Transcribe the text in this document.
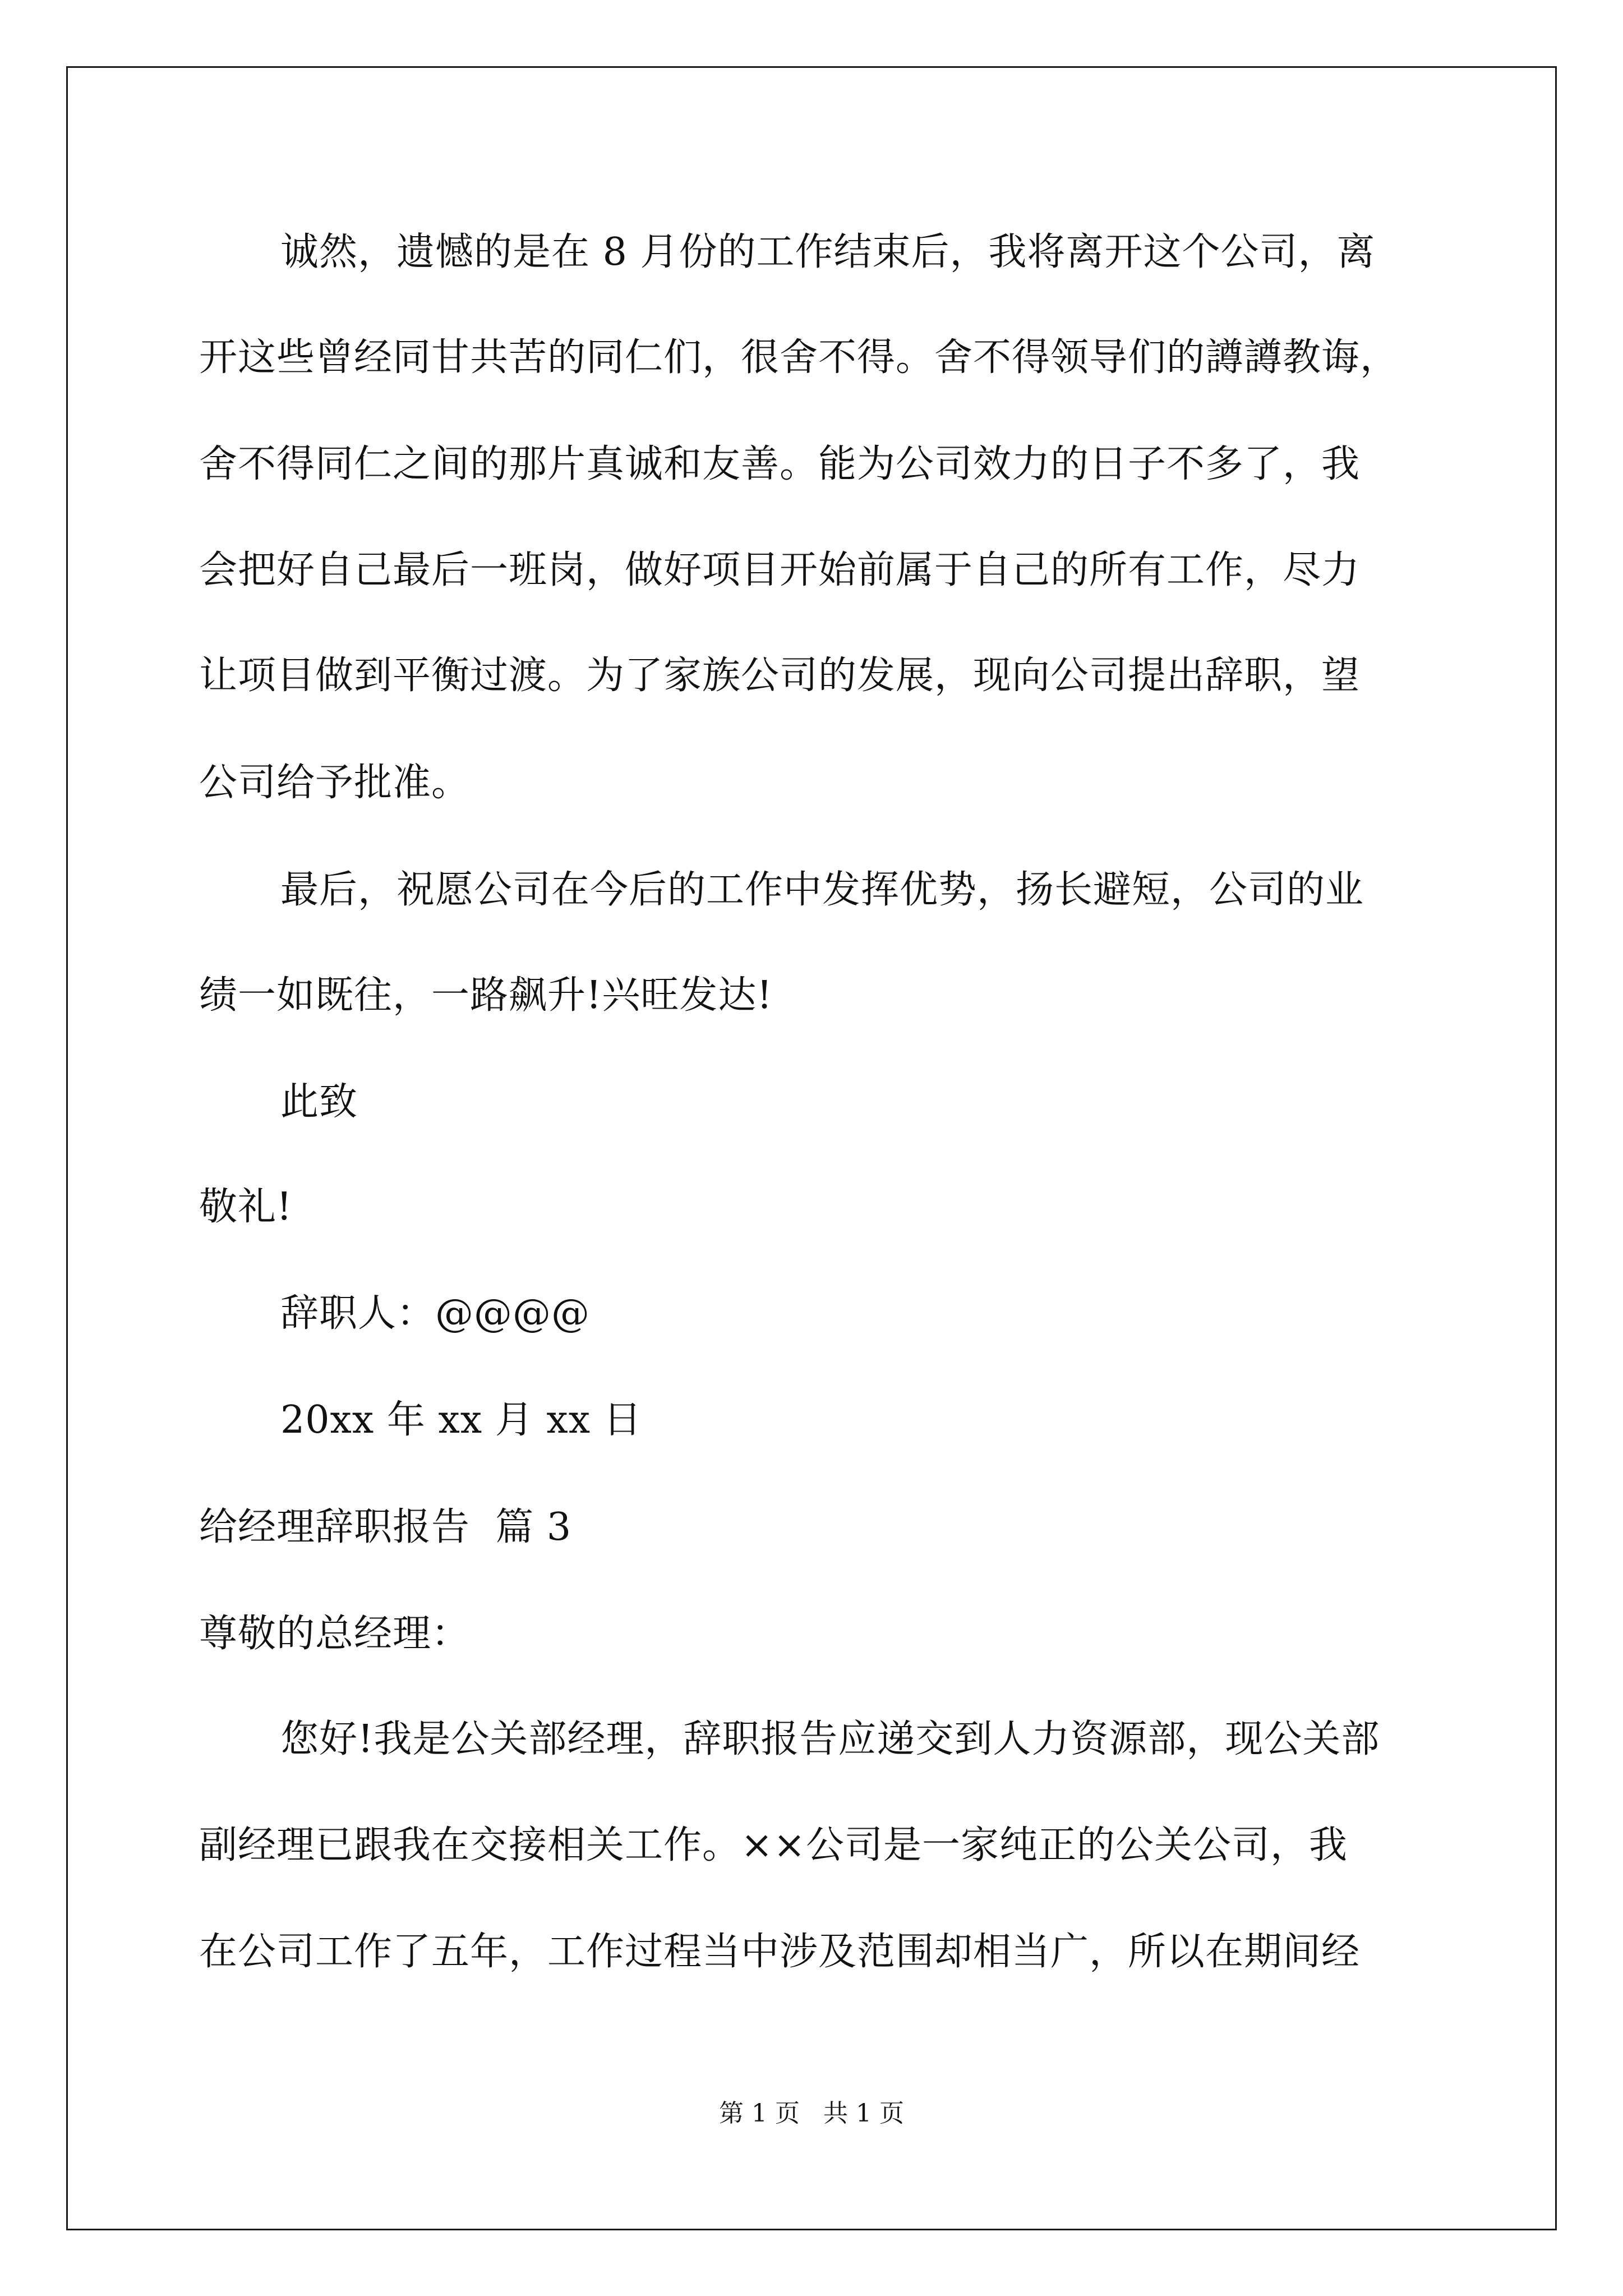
诚然，遗憾的是在 8 月份的工作结束后，我将离开这个公司，离
开这些曾经同甘共苦的同仁们，很舍不得。舍不得领导们的譐譐教诲，
舍不得同仁之间的那片真诚和友善。能为公司效力的日子不多了，我
会把好自己最后一班岗，做好项目开始前属于自己的所有工作，尽力
让项目做到平衡过渡。为了家族公司的发展，现向公司提出辞职，望
公司给予批准。
最后，祝愿公司在今后的工作中发挥优势，扬长避短，公司的业
绩一如既往，一路飙升!兴旺发达!
此致
敬礼!
辞职人：@@@@
20xx 年 xx 月 xx 日
给经理辞职报告  篇 3
尊敬的总经理：
您好!我是公关部经理，辞职报告应递交到人力资源部，现公关部
副经理已跟我在交接相关工作。××公司是一家纯正的公关公司，我
在公司工作了五年，工作过程当中涉及范围却相当广，所以在期间经
第 1 页   共 1 页
